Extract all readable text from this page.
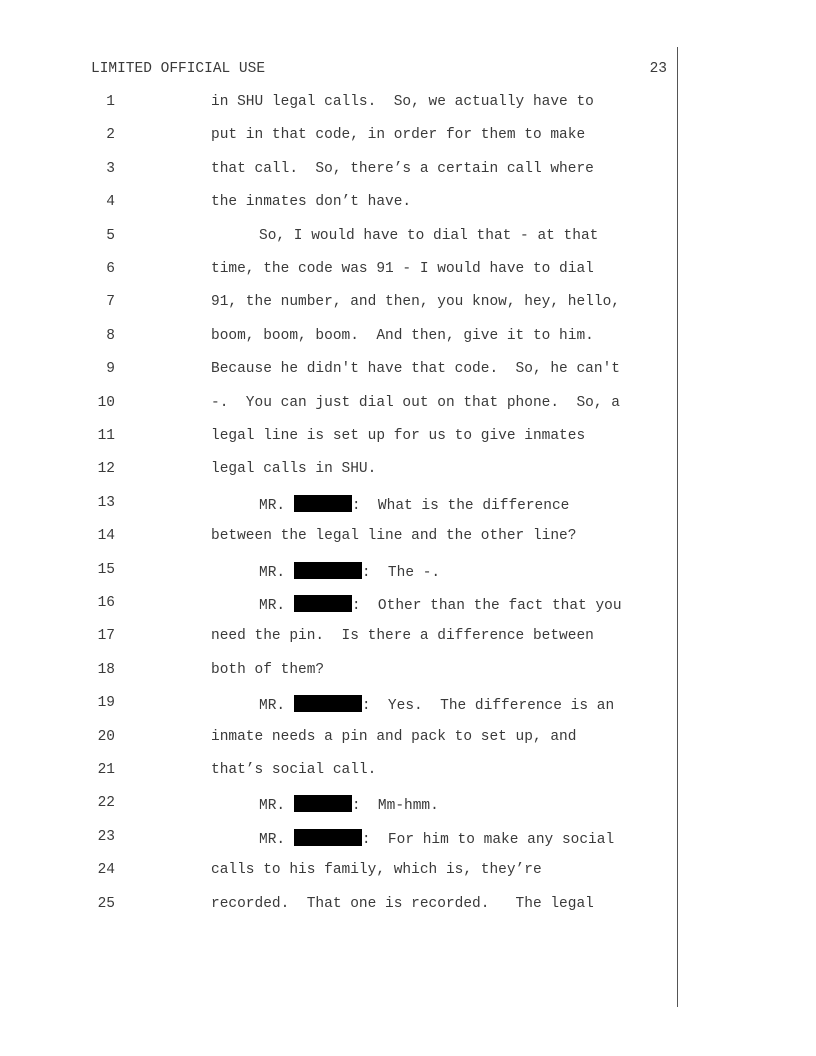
LIMITED OFFICIAL USE	23
1	in SHU legal calls.  So, we actually have to
2	put in that code, in order for them to make
3	that call.  So, there’s a certain call where
4	the inmates don’t have.
5	So, I would have to dial that - at that
6	time, the code was 91 - I would have to dial
7	91, the number, and then, you know, hey, hello,
8	boom, boom, boom.  And then, give it to him.
9	Because he didn't have that code.  So, he can't
10	-.  You can just dial out on that phone.  So, a
11	legal line is set up for us to give inmates
12	legal calls in SHU.
13	MR.	:  What is the difference
14	between the legal line and the other line?
15	MR.	:  The -.
16	MR.	:  Other than the fact that you
17	need the pin.  Is there a difference between
18	both of them?
19	MR.	:  Yes.  The difference is an
20	inmate needs a pin and pack to set up, and
21	that’s social call.
22	MR.	:  Mm-hmm.
23	MR.	:  For him to make any social
24	calls to his family, which is, they’re
25	recorded.  That one is recorded.   The legal
